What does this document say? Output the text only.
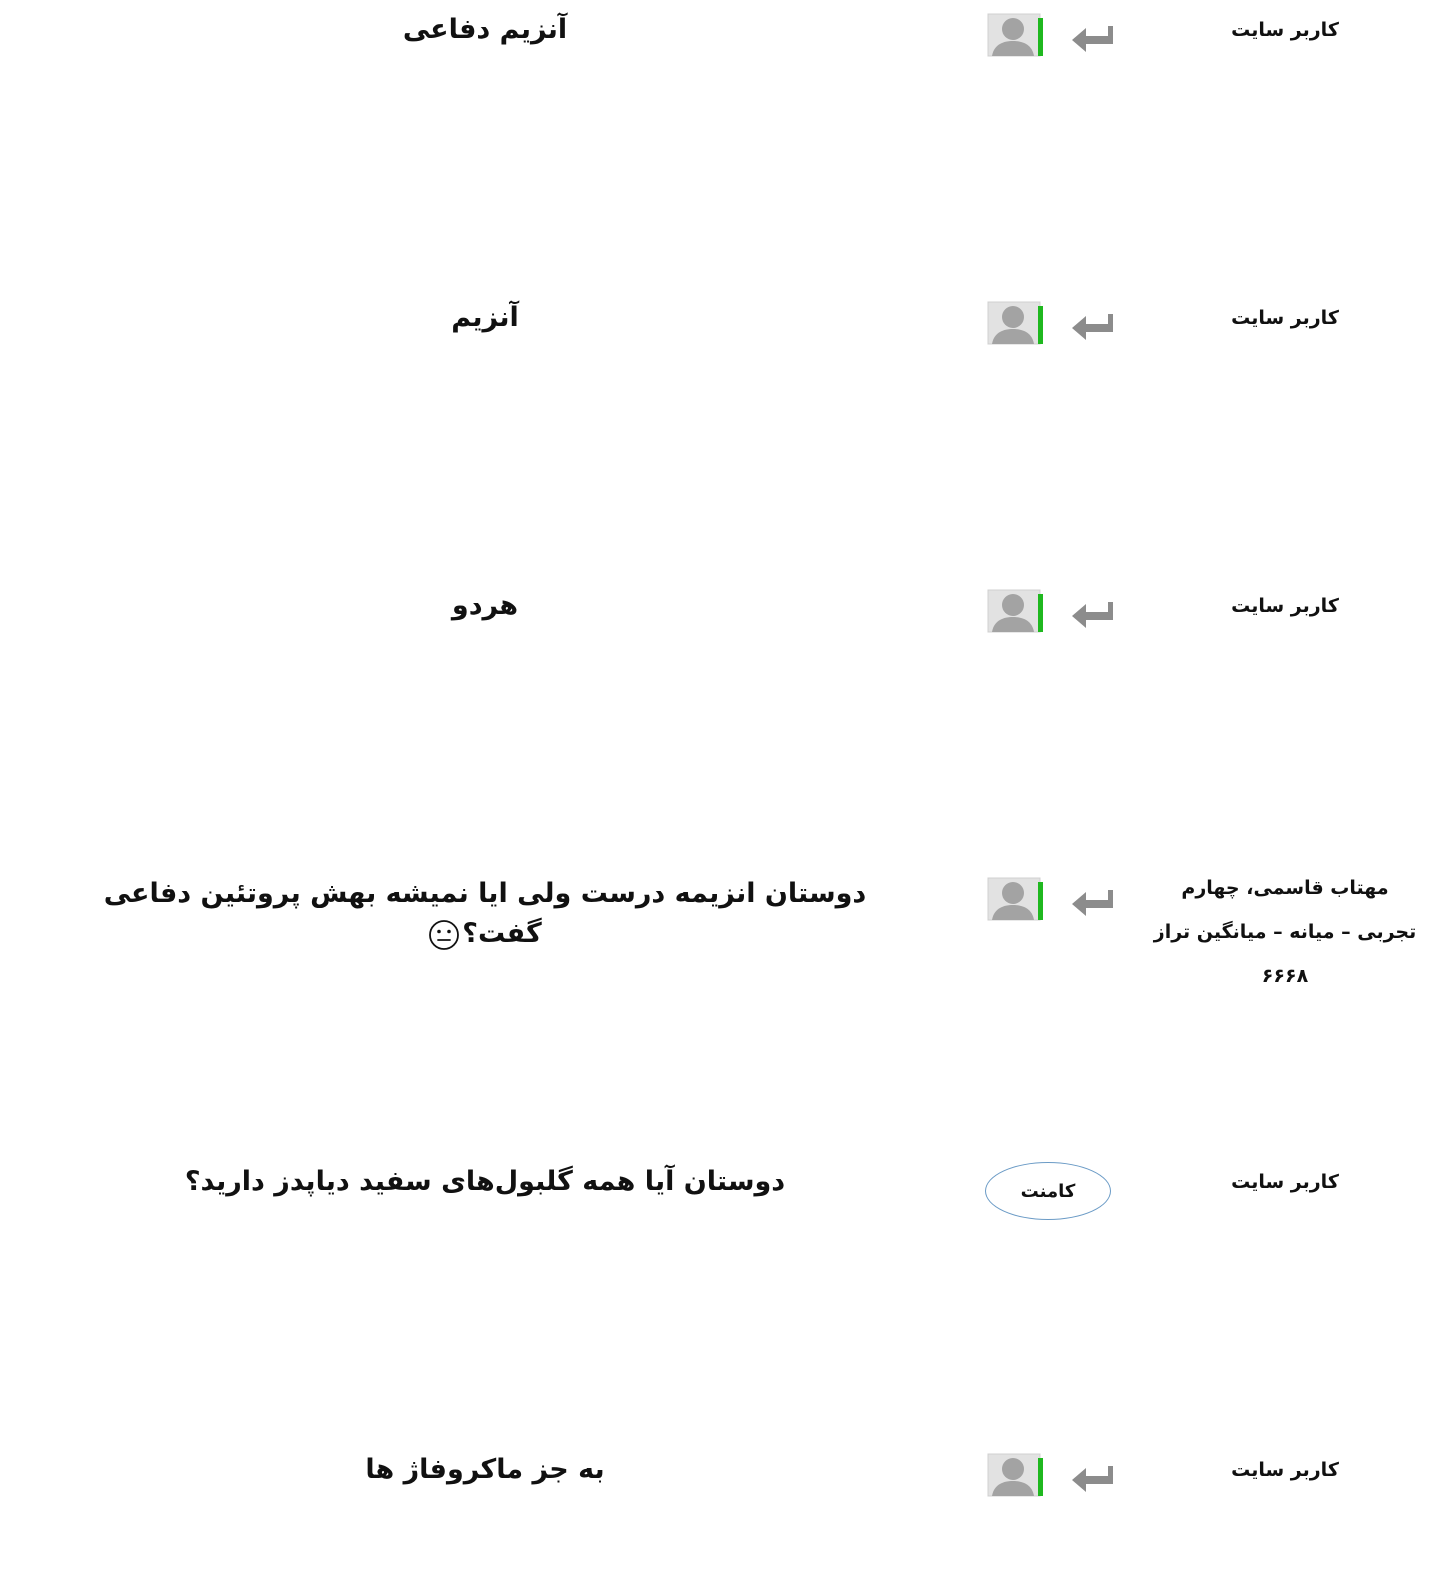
کاربر سایت
آنزیم دفاعی
کاربر سایت
آنزیم
کاربر سایت
هردو
مهتاب قاسمی، چهارم تجربی – میانه – میانگین تراز ۶۶۶۸
دوستان انزیمه درست ولی ایا نمیشه بهش پروتئین دفاعی گفت؟
کاربر سایت
کامنت
دوستان آیا همه گلبول‌های سفید دیاپدز دارید؟
کاربر سایت
به جز ماکروفاژ ها
